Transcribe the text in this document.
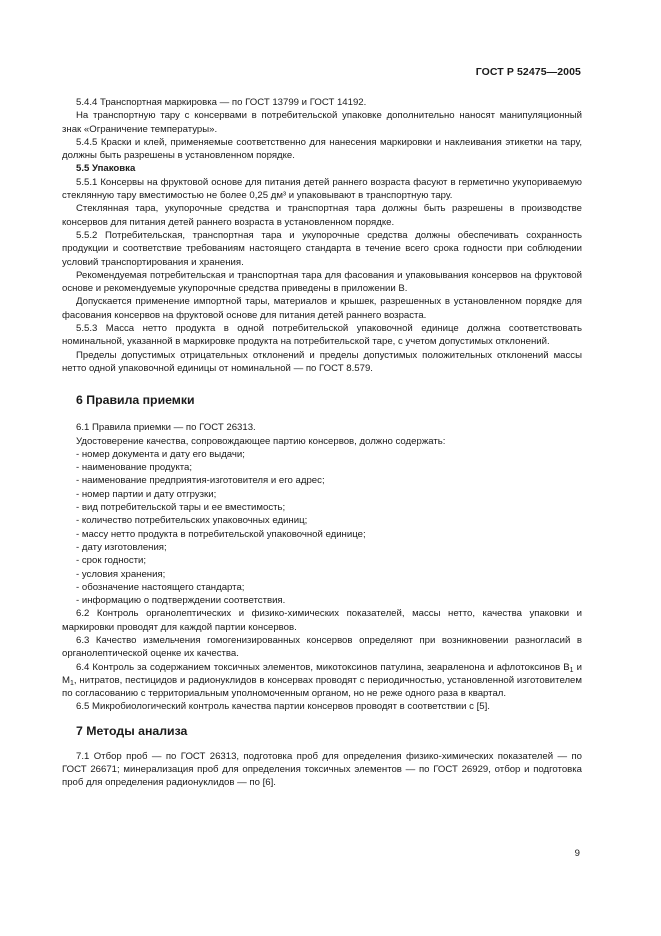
ГОСТ Р 52475—2005

5.4.4 Транспортная маркировка — по ГОСТ 13799 и ГОСТ 14192.

На транспортную тару с консервами в потребительской упаковке дополнительно наносят манипуляционный знак «Ограничение температуры».

5.4.5 Краски и клей, применяемые соответственно для нанесения маркировки и наклеивания этикетки на тару, должны быть разрешены в установленном порядке.

5.5 Упаковка

5.5.1 Консервы на фруктовой основе для питания детей раннего возраста фасуют в герметично укупориваемую стеклянную тару вместимостью не более 0,25 дм³ и упаковывают в транспортную тару.

Стеклянная тара, укупорочные средства и транспортная тара должны быть разрешены в производстве консервов для питания детей раннего возраста в установленном порядке.

5.5.2 Потребительская, транспортная тара и укупорочные средства должны обеспечивать сохранность продукции и соответствие требованиям настоящего стандарта в течение всего срока годности при соблюдении условий транспортирования и хранения.

Рекомендуемая потребительская и транспортная тара для фасования и упаковывания консервов на фруктовой основе и рекомендуемые укупорочные средства приведены в приложении В.

Допускается применение импортной тары, материалов и крышек, разрешенных в установленном порядке для фасования консервов на фруктовой основе для питания детей раннего возраста.

5.5.3 Масса нетто продукта в одной потребительской упаковочной единице должна соответствовать номинальной, указанной в маркировке продукта на потребительской таре, с учетом допустимых отклонений.

Пределы допустимых отрицательных отклонений и пределы допустимых положительных отклонений массы нетто одной упаковочной единицы от номинальной — по ГОСТ 8.579.

6 Правила приемки

6.1 Правила приемки — по ГОСТ 26313.

Удостоверение качества, сопровождающее партию консервов, должно содержать:

- номер документа и дату его выдачи;

- наименование продукта;

- наименование предприятия-изготовителя и его адрес;

- номер партии и дату отгрузки;

- вид потребительской тары и ее вместимость;

- количество потребительских упаковочных единиц;

- массу нетто продукта в потребительской упаковочной единице;

- дату изготовления;

- срок годности;

- условия хранения;

- обозначение настоящего стандарта;

- информацию о подтверждении соответствия.

6.2 Контроль органолептических и физико-химических показателей, массы нетто, качества упаковки и маркировки проводят для каждой партии консервов.

6.3 Качество измельчения гомогенизированных консервов определяют при возникновении разногласий в органолептической оценке их качества.

6.4 Контроль за содержанием токсичных элементов, микотоксинов патулина, зеараленона и афлотоксинов $В_1$ и $М_1$, нитратов, пестицидов и радионуклидов в консервах проводят с периодичностью, установленной изготовителем по согласованию с территориальным уполномоченным органом, но не реже одного раза в квартал.

6.5 Микробиологический контроль качества партии консервов проводят в соответствии с [5].

7 Методы анализа

7.1 Отбор проб — по ГОСТ 26313, подготовка проб для определения физико-химических показателей — по ГОСТ 26671; минерализация проб для определения токсичных элементов — по ГОСТ 26929, отбор и подготовка проб для определения радионуклидов — по [6].

9
